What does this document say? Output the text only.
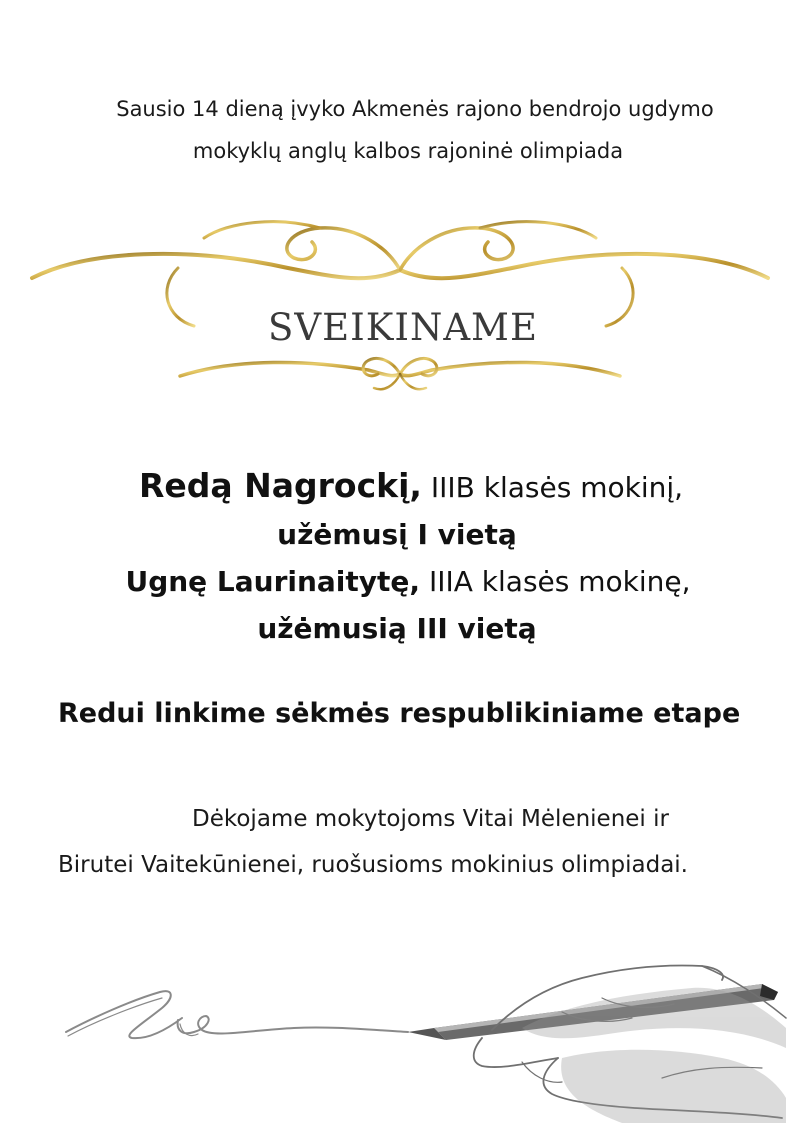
Sausio 14 dieną įvyko Akmenės rajono bendrojo ugdymo
mokyklų anglų kalbos rajoninė olimpiada
SVEIKINAME
Redą Nagrockį, IIIB klasės mokinį,
užėmusį I vietą
Ugnę Laurinaitytę, IIIA klasės mokinę,
užėmusią III vietą
Redui linkime sėkmės respublikiniame etape
Dėkojame mokytojoms Vitai Mėlenienei ir
Birutei Vaitekūnienei, ruošusioms mokinius olimpiadai.
